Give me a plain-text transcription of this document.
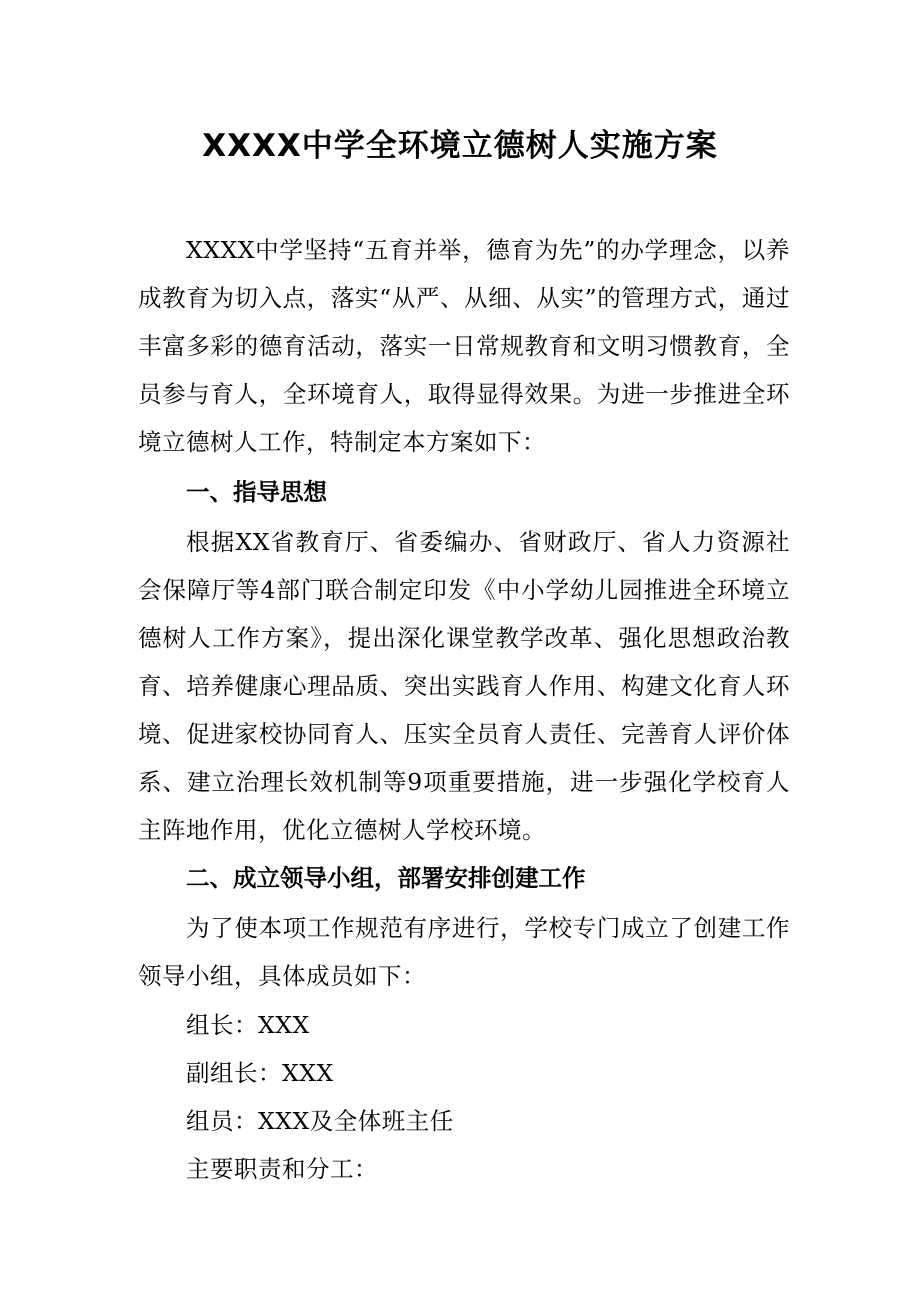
XXXX中学全环境立德树人实施方案

XXXX中学坚持“五育并举，德育为先”的办学理念，以养成教育为切入点，落实“从严、从细、从实”的管理方式，通过丰富多彩的德育活动，落实一日常规教育和文明习惯教育，全员参与育人，全环境育人，取得显得效果。为进一步推进全环境立德树人工作，特制定本方案如下：

一、指导思想

根据XX省教育厅、省委编办、省财政厅、省人力资源社会保障厅等4部门联合制定印发《中小学幼儿园推进全环境立德树人工作方案》，提出深化课堂教学改革、强化思想政治教育、培养健康心理品质、突出实践育人作用、构建文化育人环境、促进家校协同育人、压实全员育人责任、完善育人评价体系、建立治理长效机制等9项重要措施，进一步强化学校育人主阵地作用，优化立德树人学校环境。

二、成立领导小组，部署安排创建工作

为了使本项工作规范有序进行，学校专门成立了创建工作领导小组，具体成员如下：

组长：XXX
副组长：XXX
组员：XXX及全体班主任
主要职责和分工：
